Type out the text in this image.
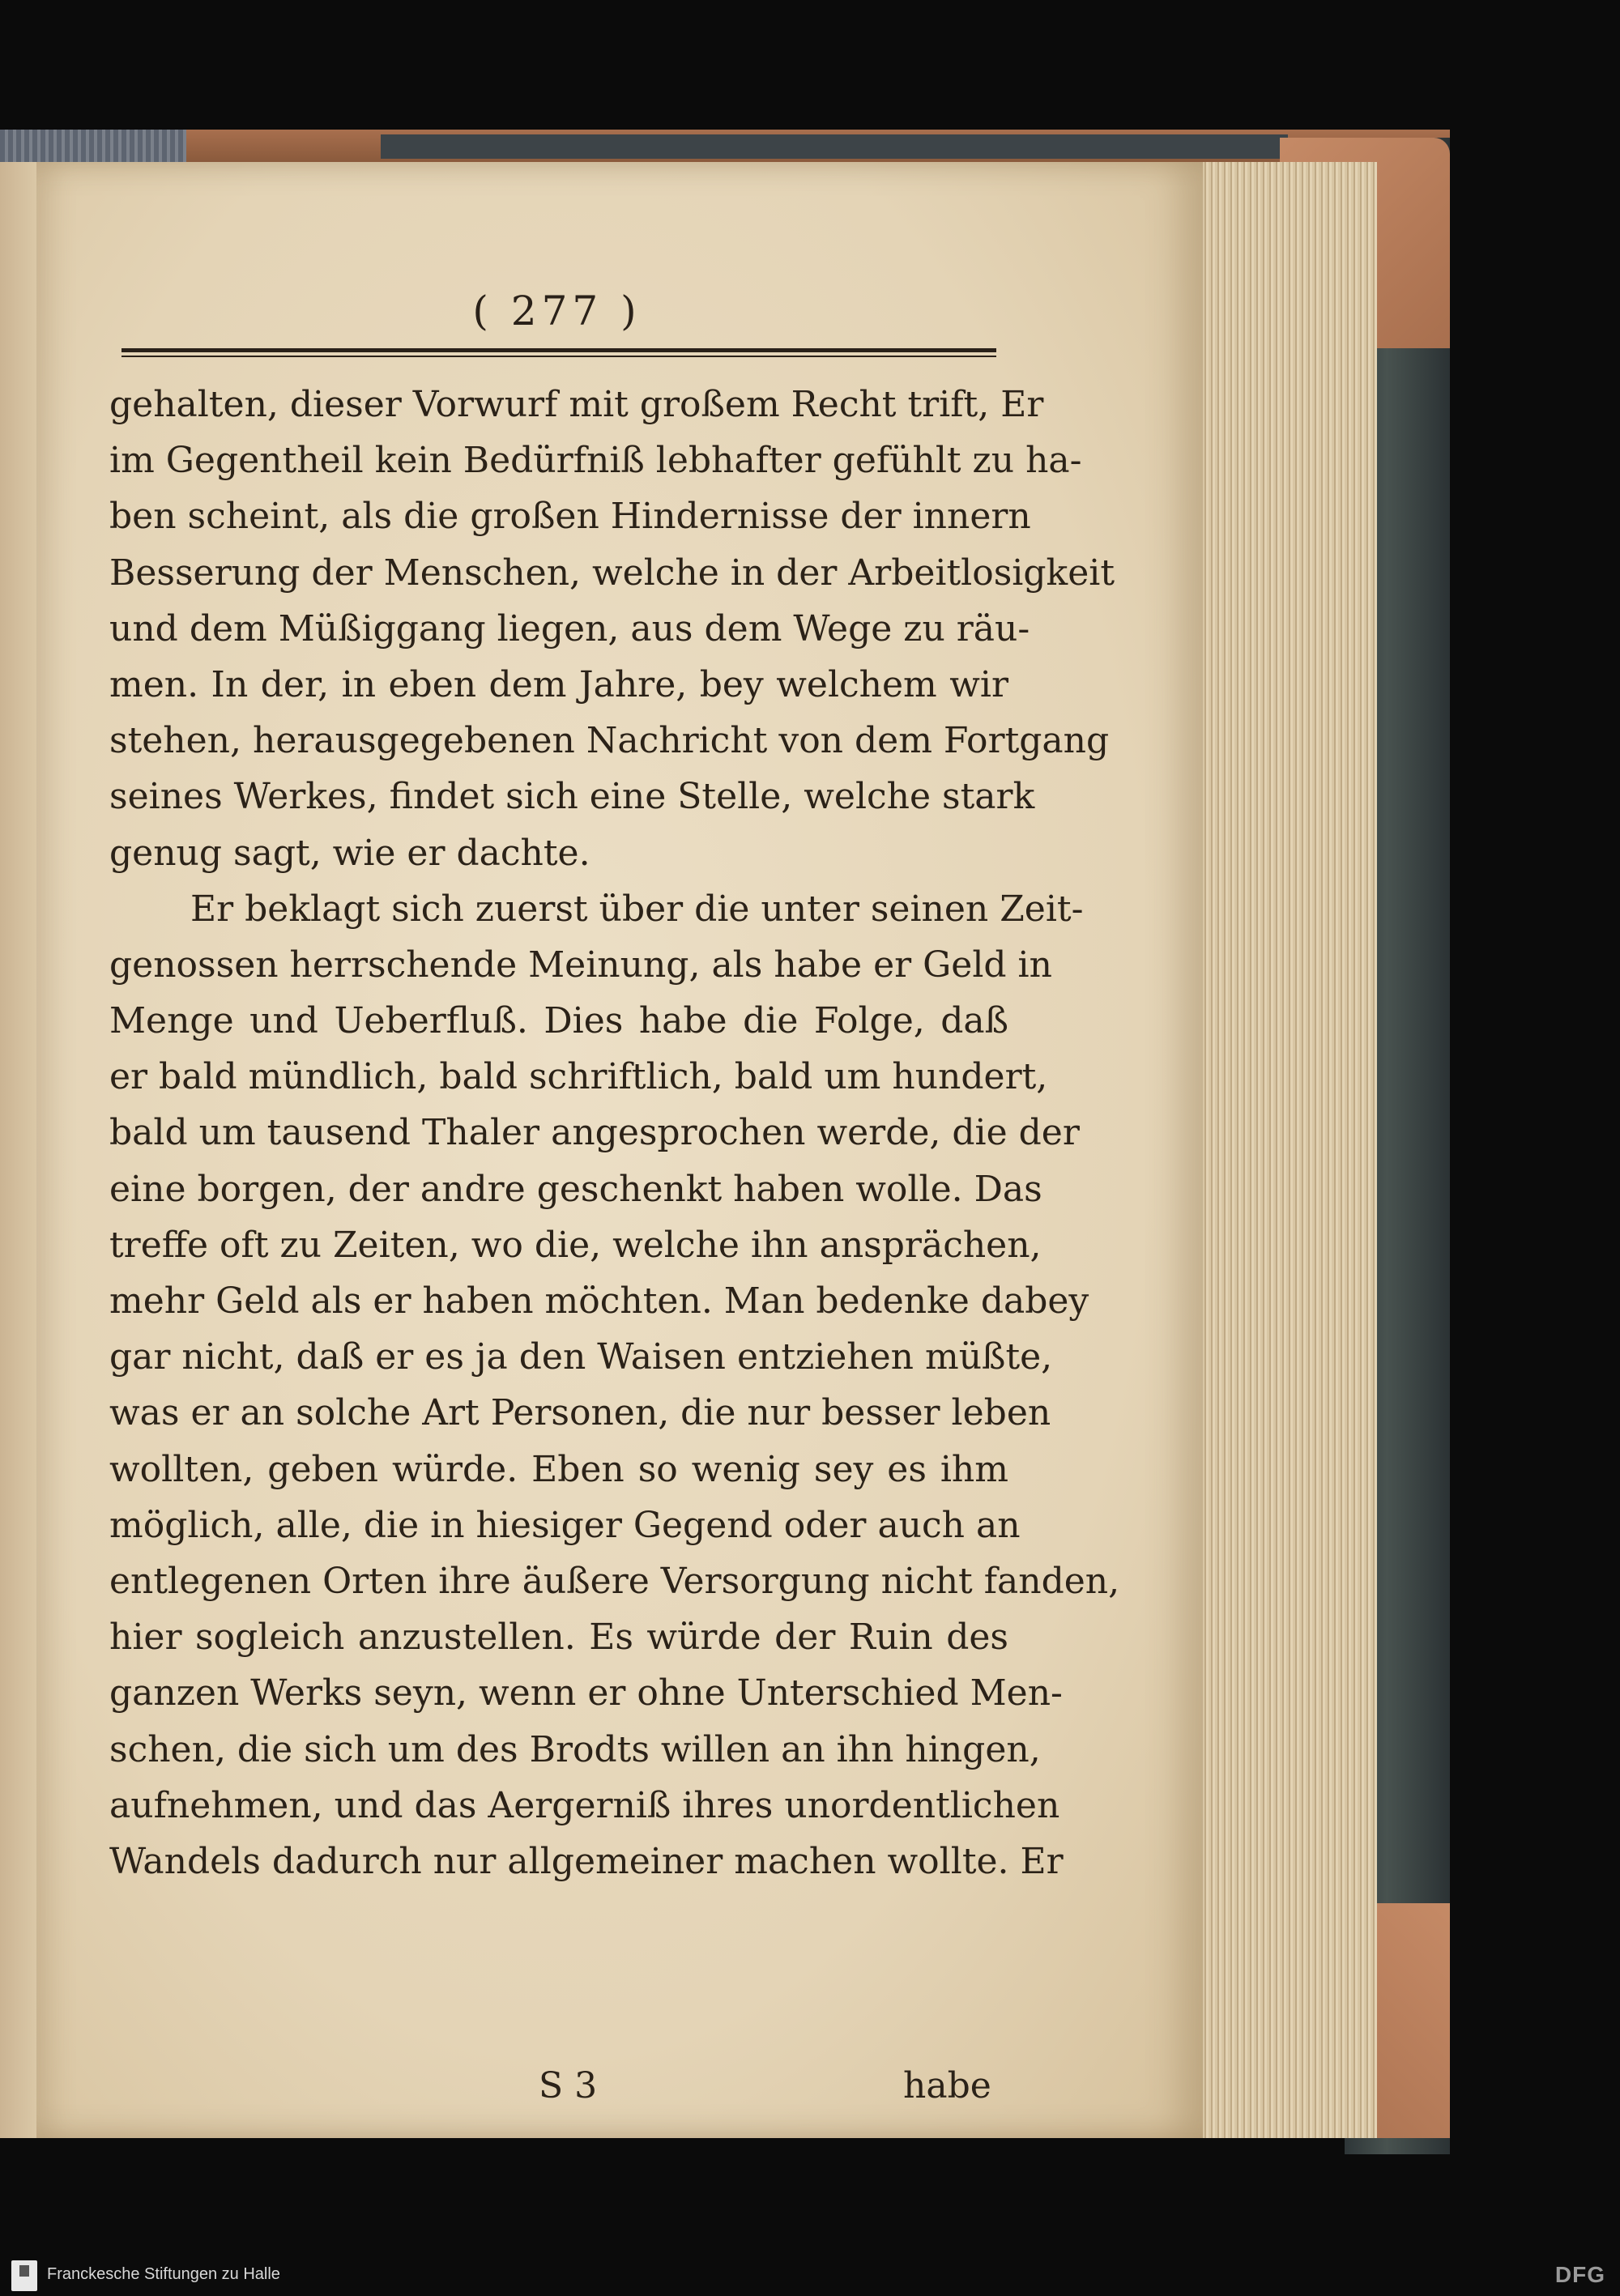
( 277 )
gehalten, dieser Vorwurf mit großem Recht trift, Er
im Gegentheil kein Bedürfniß lebhafter gefühlt zu ha-
ben scheint, als die großen Hindernisse der innern
Besserung der Menschen, welche in der Arbeitlosigkeit
und dem Müßiggang liegen, aus dem Wege zu räu-
men. In der, in eben dem Jahre, bey welchem wir
stehen, herausgegebenen Nachricht von dem Fortgang
seines Werkes, findet sich eine Stelle, welche stark
genug sagt, wie er dachte.
Er beklagt sich zuerst über die unter seinen Zeit-
genossen herrschende Meinung, als habe er Geld in
Menge und Ueberfluß. Dies habe die Folge, daß
er bald mündlich, bald schriftlich, bald um hundert,
bald um tausend Thaler angesprochen werde, die der
eine borgen, der andre geschenkt haben wolle. Das
treffe oft zu Zeiten, wo die, welche ihn ansprächen,
mehr Geld als er haben möchten. Man bedenke dabey
gar nicht, daß er es ja den Waisen entziehen müßte,
was er an solche Art Personen, die nur besser leben
wollten, geben würde. Eben so wenig sey es ihm
möglich, alle, die in hiesiger Gegend oder auch an
entlegenen Orten ihre äußere Versorgung nicht fanden,
hier sogleich anzustellen. Es würde der Ruin des
ganzen Werks seyn, wenn er ohne Unterschied Men-
schen, die sich um des Brodts willen an ihn hingen,
aufnehmen, und das Aergerniß ihres unordentlichen
Wandels dadurch nur allgemeiner machen wollte. Er
S 3	habe
Franckesche Stiftungen zu Halle	DFG
